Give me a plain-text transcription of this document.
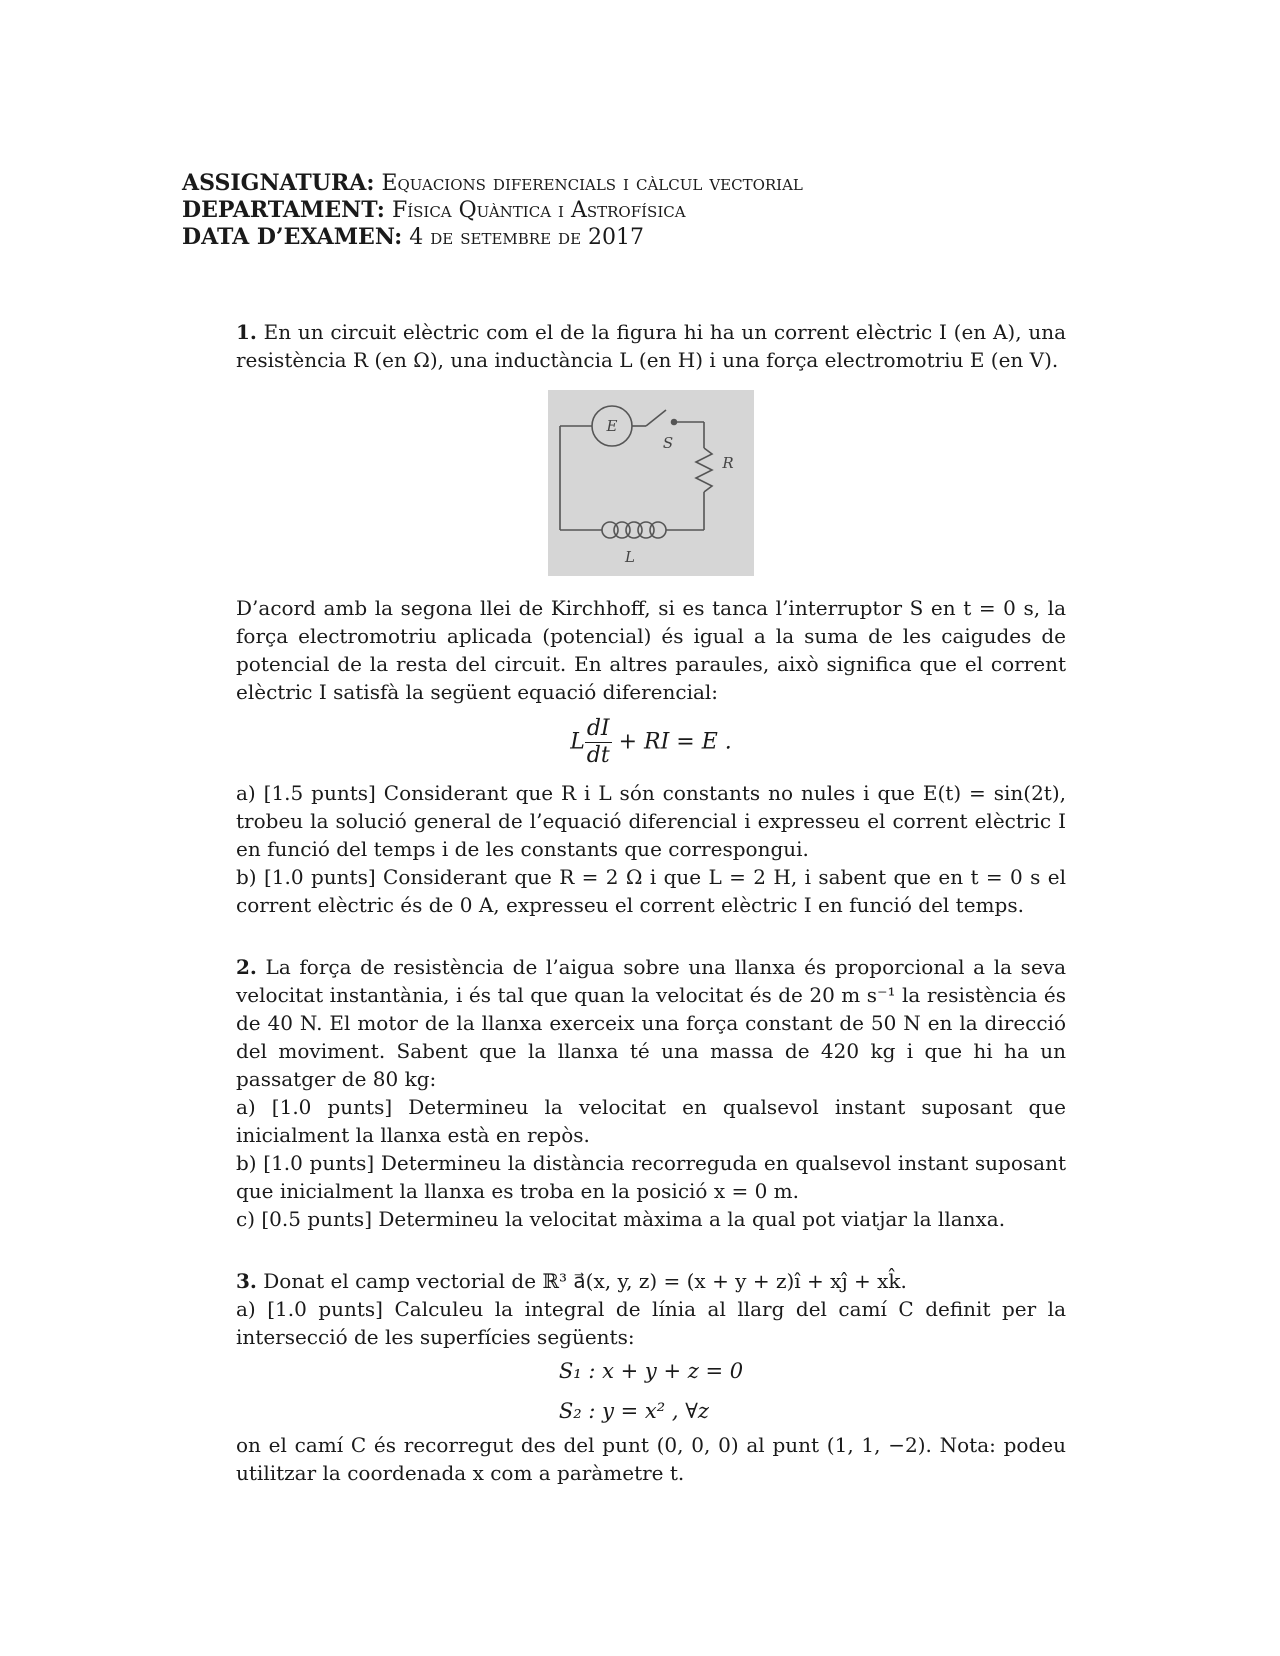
ASSIGNATURA: Equacions diferencials i càlcul vectorial

DEPARTAMENT: Física Quàntica i Astrofísica

DATA D’EXAMEN: 4 de setembre de 2017

1. En un circuit elèctric com el de la figura hi ha un corrent elèctric I (en A), una resistència R (en Ω), una inductància L (en H) i una força electromotriu E (en V).

E
S
R
L

D’acord amb la segona llei de Kirchhoff, si es tanca l’interruptor S en t = 0 s, la força electromotriu aplicada (potencial) és igual a la suma de les caigudes de potencial de la resta del circuit. En altres paraules, això significa que el corrent elèctric I satisfà la següent equació diferencial:

L $\frac{dI}{dt}$ + RI = E .

a) [1.5 punts] Considerant que R i L són constants no nules i que E(t) = sin(2t), trobeu la solució general de l’equació diferencial i expresseu el corrent elèctric I en funció del temps i de les constants que correspongui.

b) [1.0 punts] Considerant que R = 2 Ω i que L = 2 H, i sabent que en t = 0 s el corrent elèctric és de 0 A, expresseu el corrent elèctric I en funció del temps.

2. La força de resistència de l’aigua sobre una llanxa és proporcional a la seva velocitat instantània, i és tal que quan la velocitat és de 20 m s⁻¹ la resistència és de 40 N. El motor de la llanxa exerceix una força constant de 50 N en la direcció del moviment. Sabent que la llanxa té una massa de 420 kg i que hi ha un passatger de 80 kg:

a) [1.0 punts] Determineu la velocitat en qualsevol instant suposant que inicialment la llanxa està en repòs.

b) [1.0 punts] Determineu la distància recorreguda en qualsevol instant suposant que inicialment la llanxa es troba en la posició x = 0 m.

c) [0.5 punts] Determineu la velocitat màxima a la qual pot viatjar la llanxa.

3. Donat el camp vectorial de ℝ³ a⃗(x, y, z) = (x + y + z)î + xĵ + xk̂.

a) [1.0 punts] Calculeu la integral de línia al llarg del camí C definit per la intersecció de les superfícies següents:

S₁ : x + y + z = 0
S₂ : y = x² , ∀z

on el camí C és recorregut des del punt (0, 0, 0) al punt (1, 1, −2). Nota: podeu utilitzar la coordenada x com a paràmetre t.
